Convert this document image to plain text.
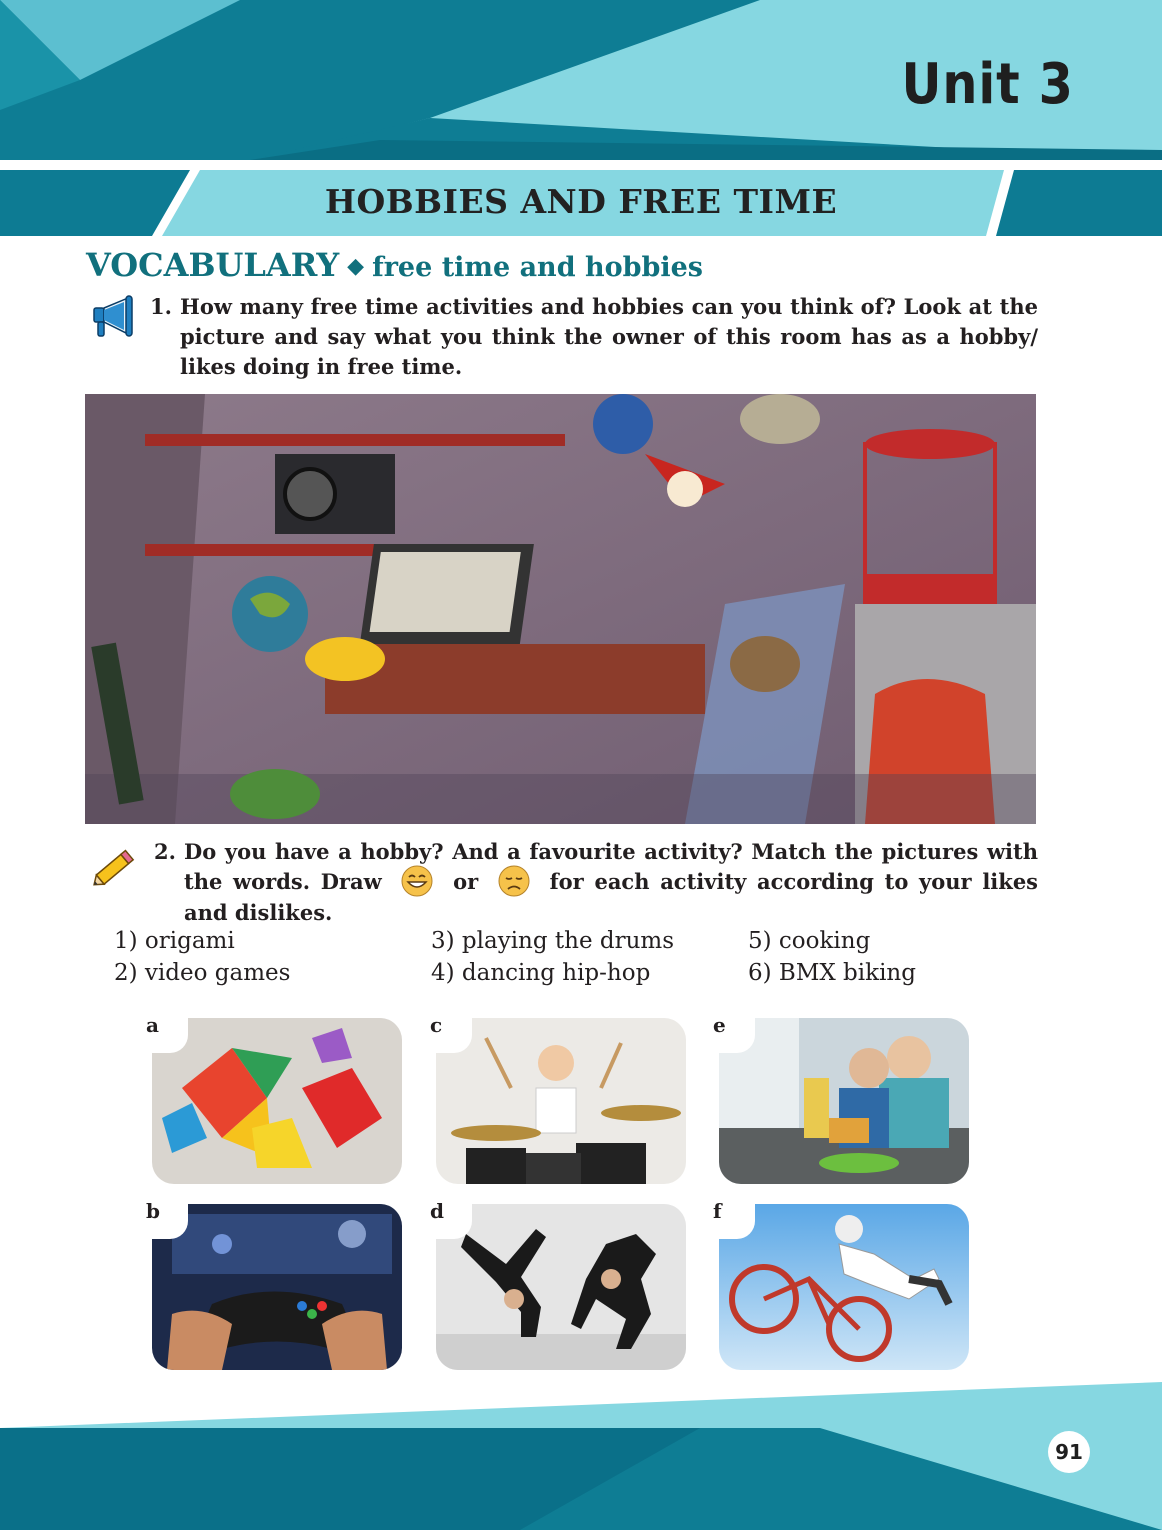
Unit 3
HOBBIES AND FREE TIME
VOCABULARY ◆ free time and hobbies
1. How many free time activities and hobbies can you think of? Look at the picture and say what you think the owner of this room has as a hobby/ likes doing in free time.
2. Do you have a hobby? And a favourite activity? Match the pictures with the words. Draw	or	for each activity according to your likes and dislikes.
1) origami
2) video games
3) playing the drums
4) dancing hip-hop
5) cooking
6) BMX biking
a	c	e
b	d	f
91
